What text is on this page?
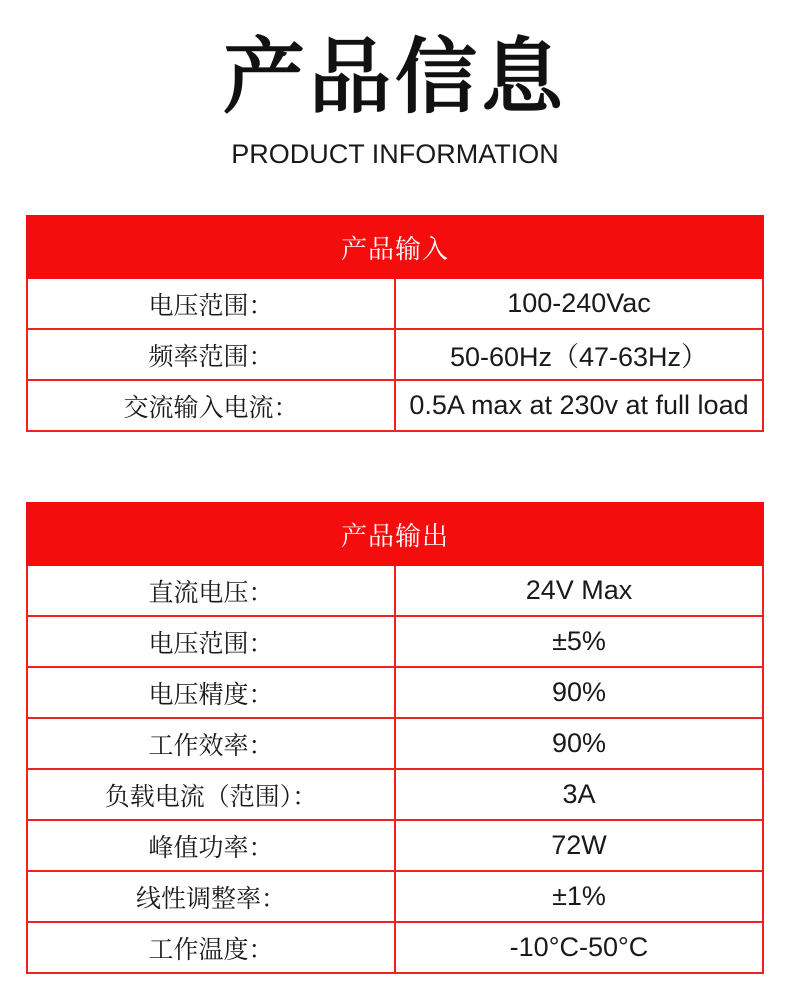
产品信息
PRODUCT INFORMATION
产品输入	
电压范围：	100-240Vac
频率范围：	50-60Hz（47-63Hz）
交流输入电流：	0.5A max at 230v at full load
产品输出	
直流电压：	24V Max
电压范围：	±5%
电压精度：	90%
工作效率：	90%
负载电流（范围）：	3A
峰值功率：	72W
线性调整率：	±1%
工作温度：	-10°C-50°C
